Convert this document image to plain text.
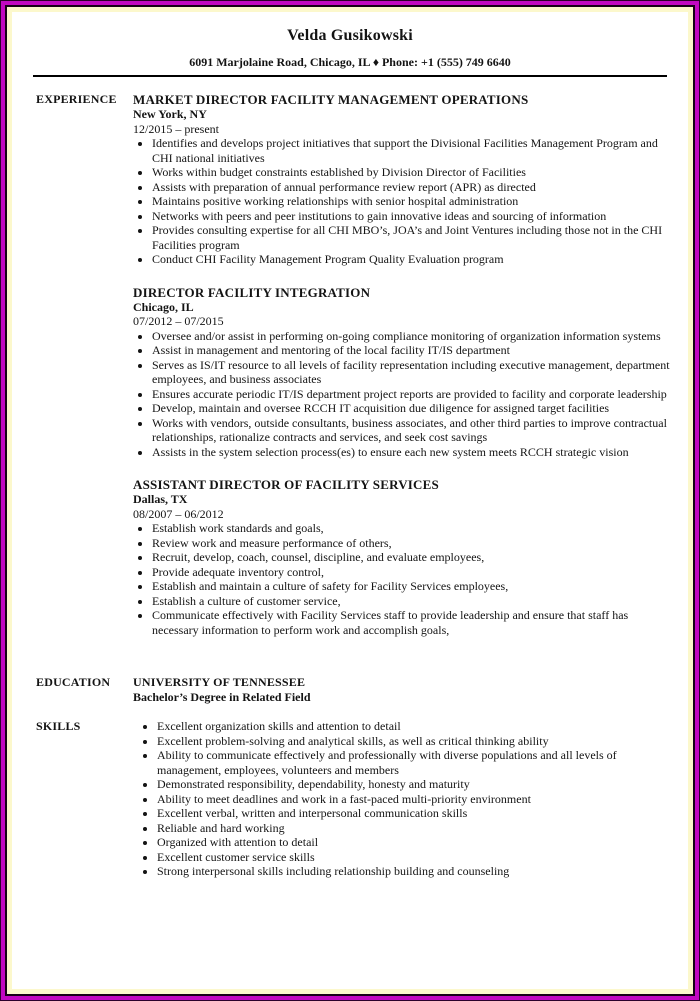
Velda Gusikowski
6091 Marjolaine Road, Chicago, IL ♦ Phone: +1 (555) 749 6640
EXPERIENCE	MARKET DIRECTOR FACILITY MANAGEMENT OPERATIONS
New York, NY
12/2015 – present
• Identifies and develops project initiatives that support the Divisional Facilities Management Program and CHI national initiatives
• Works within budget constraints established by Division Director of Facilities
• Assists with preparation of annual performance review report (APR) as directed
• Maintains positive working relationships with senior hospital administration
• Networks with peers and peer institutions to gain innovative ideas and sourcing of information
• Provides consulting expertise for all CHI MBO’s, JOA’s and Joint Ventures including those not in the CHI Facilities program
• Conduct CHI Facility Management Program Quality Evaluation program
DIRECTOR FACILITY INTEGRATION
Chicago, IL
07/2012 – 07/2015
• Oversee and/or assist in performing on-going compliance monitoring of organization information systems
• Assist in management and mentoring of the local facility IT/IS department
• Serves as IS/IT resource to all levels of facility representation including executive management, department employees, and business associates
• Ensures accurate periodic IT/IS department project reports are provided to facility and corporate leadership
• Develop, maintain and oversee RCCH IT acquisition due diligence for assigned target facilities
• Works with vendors, outside consultants, business associates, and other third parties to improve contractual relationships, rationalize contracts and services, and seek cost savings
• Assists in the system selection process(es) to ensure each new system meets RCCH strategic vision
ASSISTANT DIRECTOR OF FACILITY SERVICES
Dallas, TX
08/2007 – 06/2012
• Establish work standards and goals,
• Review work and measure performance of others,
• Recruit, develop, coach, counsel, discipline, and evaluate employees,
• Provide adequate inventory control,
• Establish and maintain a culture of safety for Facility Services employees,
• Establish a culture of customer service,
• Communicate effectively with Facility Services staff to provide leadership and ensure that staff has necessary information to perform work and accomplish goals,
EDUCATION	UNIVERSITY OF TENNESSEE
Bachelor’s Degree in Related Field
SKILLS	• Excellent organization skills and attention to detail
• Excellent problem-solving and analytical skills, as well as critical thinking ability
• Ability to communicate effectively and professionally with diverse populations and all levels of management, employees, volunteers and members
• Demonstrated responsibility, dependability, honesty and maturity
• Ability to meet deadlines and work in a fast-paced multi-priority environment
• Excellent verbal, written and interpersonal communication skills
• Reliable and hard working
• Organized with attention to detail
• Excellent customer service skills
• Strong interpersonal skills including relationship building and counseling
